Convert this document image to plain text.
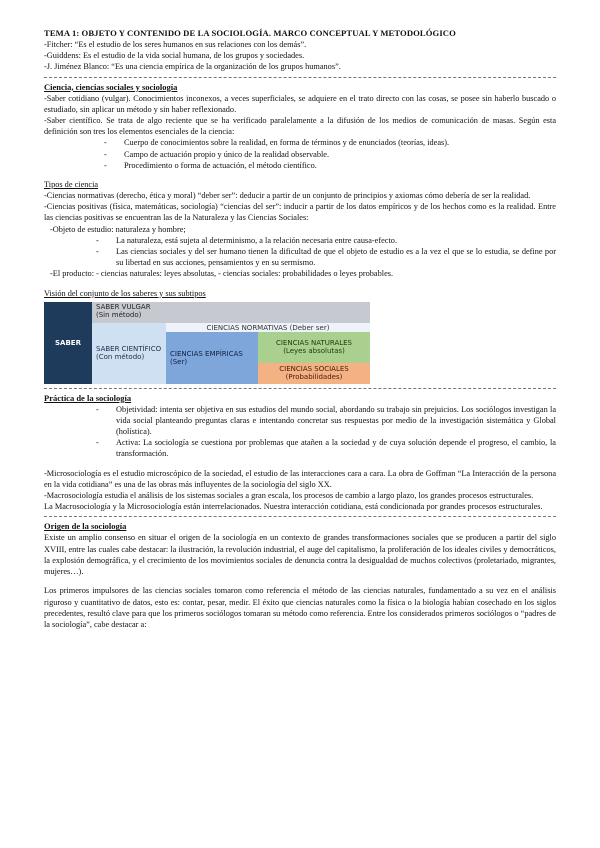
TEMA 1: OBJETO Y CONTENIDO DE LA SOCIOLOGÍA. MARCO CONCEPTUAL Y METODOLÓGICO

-Fitcher: “Es el estudio de los seres humanos en sus relaciones con los demás”.

-Guiddens: Es el estudio de la vida social humana, de los grupos y sociedades.

-J. Jiménez Blanco: “Es una ciencia empírica de la organización de los grupos humanos”.

Ciencia, ciencias sociales y sociología

-Saber cotidiano (vulgar). Conocimientos inconexos, a veces superficiales, se adquiere en el trato directo con las cosas, se posee sin haberlo buscado o estudiado, sin aplicar un método y sin haber reflexionado.

-Saber científico. Se trata de algo reciente que se ha verificado paralelamente a la difusión de los medios de comunicación de masas. Según esta definición son tres los elementos esenciales de la ciencia:

- Cuerpo de conocimientos sobre la realidad, en forma de términos y de enunciados (teorías, ideas).
- Campo de actuación propio y único de la realidad observable.
- Procedimiento o forma de actuación, el método científico.

Tipos de ciencia

-Ciencias normativas (derecho, ética y moral) “deber ser”: deducir a partir de un conjunto de principios y axiomas cómo debería de ser la realidad.

-Ciencias positivas (física, matemáticas, sociología) “ciencias del ser”: inducir a partir de los datos empíricos y de los hechos como es la realidad. Entre las ciencias positivas se encuentran las de la Naturaleza y las Ciencias Sociales:

-Objeto de estudio: naturaleza y hombre;

- La naturaleza, está sujeta al determinismo, a la relación necesaria entre causa-efecto.
- Las ciencias sociales y del ser humano tienen la dificultad de que el objeto de estudio es a la vez el que se lo estudia, se define por su libertad en sus acciones, pensamientos y en su sermismo.

-El producto: - ciencias naturales: leyes absolutas, - ciencias sociales: probabilidades o leyes probables.

Visión del conjunto de los saberes y sus subtipos

SABER
SABER VULGAR
(Sin método)
SABER CIENTÍFICO
(Con método)
CIENCIAS NORMATIVAS (Deber ser)
CIENCIAS EMPÍRICAS
(Ser)
CIENCIAS NATURALES
(Leyes absolutas)
CIENCIAS SOCIALES
(Probabilidades)

Práctica de la sociología

- Objetividad: intenta ser objetiva en sus estudios del mundo social, abordando su trabajo sin prejuicios. Los sociólogos investigan la vida social planteando preguntas claras e intentando concretar sus respuestas por medio de la investigación sistemática y Global (holística).
- Activa: La sociología se cuestiona por problemas que atañen a la sociedad y de cuya solución depende el progreso, el cambio, la transformación.

-Microsociología es el estudio microscópico de la sociedad, el estudio de las interacciones cara a cara. La obra de Goffman “La Interacción de la persona en la vida cotidiana” es una de las obras más influyentes de la sociología del siglo XX.

-Macrosociología estudia el análisis de los sistemas sociales a gran escala, los procesos de cambio a largo plazo, los grandes procesos estructurales.

La Macrosociología y la Microsociología están interrelacionados. Nuestra interacción cotidiana, está condicionada por grandes procesos estructurales.

Origen de la sociología

Existe un amplio consenso en situar el origen de la sociología en un contexto de grandes transformaciones sociales que se producen a partir del siglo XVIII, entre las cuales cabe destacar: la ilustración, la revolución industrial, el auge del capitalismo, la proliferación de los ideales civiles y democráticos, la explosión demográfica, y el crecimiento de los movimientos sociales de denuncia contra la desigualdad de muchos colectivos (proletariado, migrantes, mujeres…).

Los primeros impulsores de las ciencias sociales tomaron como referencia el método de las ciencias naturales, fundamentado a su vez en el análisis riguroso y cuantitativo de datos, esto es: contar, pesar, medir. El éxito que ciencias naturales como la física o la biología habían cosechado en los siglos precedentes, resultó clave para que los primeros sociólogos tomaran su método como referencia. Entre los considerados primeros sociólogos o “padres de la sociología”, cabe destacar a:
